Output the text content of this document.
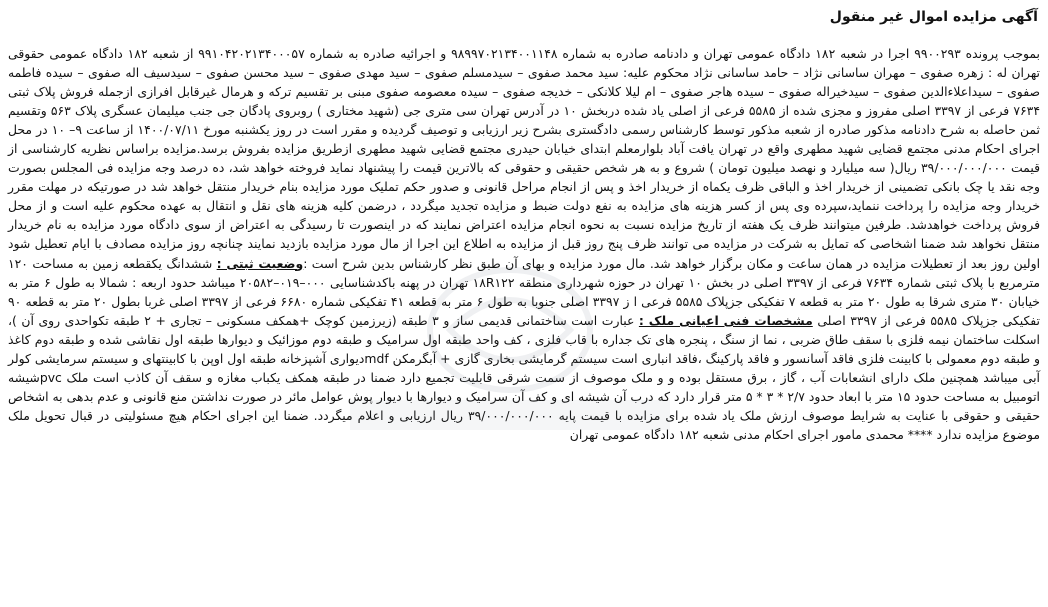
آگهی مزایده اموال غیر منقول
بموجب پرونده ۹۹۰۰۲۹۳ اجرا در شعبه ۱۸۲ دادگاه عمومی تهران و دادنامه صادره به شماره ۹۸۹۹۷۰۲۱۳۴۰۰۱۱۴۸ و اجرائیه صادره به شماره ۹۹۱۰۴۲۰۲۱۳۴۰۰۰۵۷ از شعبه ۱۸۲ دادگاه عمومی حقوقی تهران له : زهره صفوی – مهران ساسانی نژاد – حامد ساسانی نژاد محکوم علیه: سید محمد صفوی – سیدمسلم صفوی – سید مهدی صفوی – سید محسن صفوی – سیدسیف اله صفوی – سیده فاطمه صفوی – سیداعلاءالدین صفوی – سیدخیراله صفوی – سیده هاجر صفوی – ام لیلا کلانکی – خدیجه صفوی – سیده معصومه صفوی مبنی بر تقسیم ترکه و هرمال غیرقابل افرازی ازجمله فروش پلاک ثبتی ۷۶۳۴ فرعی از ۳۳۹۷ اصلی مفروز و مجزی شده از ۵۵۸۵ فرعی از اصلی یاد شده دربخش ۱۰ در آدرس تهران سی متری جی (شهید مختاری ) روبروی پادگان جی جنب میلیمان عسگری پلاک ۵۶۳ وتقسیم ثمن حاصله به شرح دادنامه مذکور صادره از شعبه مذکور توسط کارشناس رسمی دادگستری بشرح زیر ارزیابی و توصیف گردیده و مقرر است در روز یکشنبه مورخ ۱۴۰۰/۰۷/۱۱ از ساعت ۹– ۱۰ در محل اجرای احکام مدنی مجتمع قضایی شهید مطهری واقع در تهران یافت آباد بلوارمعلم ابتدای خیابان حیدری مجتمع قضایی شهید مطهری ازطریق مزایده بفروش برسد.مزایده براساس نظریه کارشناسی از قیمت ۳۹/۰۰۰/۰۰۰/۰۰۰ ریال( سه میلیارد و نهصد میلیون تومان ) شروع و به هر شخص حقیقی و حقوقی که بالاترین قیمت را پیشنهاد نماید فروخته خواهد شد، ده درصد وجه مزایده فی المجلس بصورت وجه نقد یا چک بانکی تضمینی از خریدار اخذ و الباقی ظرف یکماه از خریدار اخذ و پس از انجام مراحل قانونی و صدور حکم تملیک مورد مزایده بنام خریدار منتقل خواهد شد در صورتیکه در مهلت مقرر خریدار وجه مزایده را پرداخت ننماید،سپرده وی پس از کسر هزینه های مزایده به نفع دولت ضبط و مزایده تجدید میگردد ، درضمن کلیه هزینه های نقل و انتقال به عهده محکوم علیه است و از محل فروش پرداخت خواهدشد. طرفین میتوانند ظرف یک هفته از تاریخ مزایده نسبت به نحوه انجام مزایده اعتراض نمایند که در اینصورت تا رسیدگی به اعتراض از سوی دادگاه مورد مزایده به نام خریدار منتقل نخواهد شد ضمنا اشخاصی که تمایل به شرکت در مزایده می توانند ظرف پنج روز قبل از مزایده به اطلاع این اجرا از مال مورد مزایده بازدید نمایند چنانچه روز مزایده مصادف با ایام تعطیل شود اولین روز بعد از تعطیلات مزایده در همان ساعت و مکان برگزار خواهد شد. مال مورد مزایده و بهای آن طبق نظر کارشناس بدین شرح است :وضعیت ثبتی : ششدانگ یکقطعه زمین به مساحت ۱۲۰ مترمربع با پلاک ثبتی شماره ۷۶۳۴ فرعی از ۳۳۹۷ اصلی در بخش ۱۰ تهران در حوزه شهرداری منطقه ۱۸R۱۲۲ تهران در پهنه باکدشناسایی ۰۰۰–۰۱۹–۲۰۵۸۲ میباشد حدود اربعه : شمالا به طول ۶ متر به خیابان ۳۰ متری شرقا به طول ۲۰ متر به قطعه ۷ تفکیکی جزپلاک ۵۵۸۵ فرعی ا ز ۳۳۹۷ اصلی جنوبا به طول ۶ متر به قطعه ۴۱ تفکیکی شماره ۶۶۸۰ فرعی از ۳۳۹۷ اصلی غربا بطول ۲۰ متر به قطعه ۹۰ تفکیکی جزپلاک ۵۵۸۵ فرعی از ۳۳۹۷ اصلی مشخصات فنی اعیانی ملک : عبارت است ساختمانی قدیمی ساز و ۳ طبقه (زیرزمین کوچک +همکف مسکونی – تجاری + ۲ طبقه تکواحدی روی آن )، اسکلت ساختمان نیمه فلزی با سقف طاق ضربی ، نما از سنگ ، پنجره های تک جداره با قاب فلزی ، کف واحد طبقه اول سرامیک و طبقه دوم موزائیک و دیوارها طبقه اول نقاشی شده و طبقه دوم کاغذ و طبقه دوم معمولی با کابینت فلزی فاقد آسانسور و فاقد پارکینگ ،فاقد انباری است سیستم گرمایشی بخاری گازی + آبگرمکن mdfدیواری آشپزخانه طبقه اول اوپن با کابینتهای و سیستم سرمایشی کولر آبی میباشد همچنین ملک دارای انشعابات آب ، گاز ، برق مستقل بوده و و ملک موصوف از سمت شرقی قابلیت تجمیع دارد ضمنا در طبقه همکف یکباب مغازه و سقف آن کاذب است ملک pvcشیشه اتومبیل به مساحت حدود ۱۵ متر با ابعاد حدود ۲/۷ * ۳ * ۵ متر قرار دارد که درب آن شیشه ای و کف آن سرامیک و دیوارها با دیوار پوش عوامل مائر در صورت نداشتن منع قانونی و عدم بدهی به اشخاص حقیقی و حقوقی با عنایت به شرایط موصوف ارزش ملک یاد شده برای مزایده با قیمت پایه ۳۹/۰۰۰/۰۰۰/۰۰۰ ریال ارزیابی و اعلام میگردد. ضمنا این اجرای احکام هیچ مسئولیتی در قبال تحویل ملک موضوع مزایده ندارد **** محمدی مامور اجرای احکام مدنی شعبه ۱۸۲ دادگاه عمومی تهران
